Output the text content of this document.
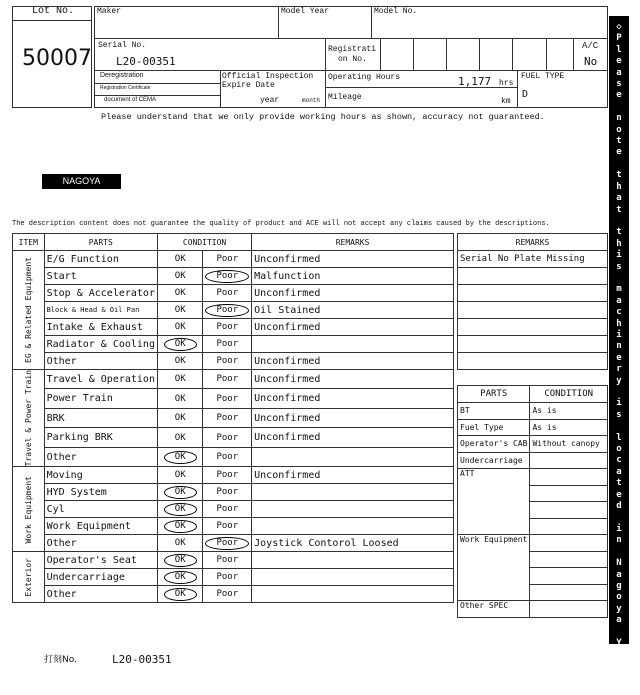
Lot No.
50007
Maker	Model Year	Model No.
Serial No.
L20-00351
Registrati
on No.
A/C
No
Deregistration
Registration Certificate
document of CEMA
Official Inspection
Expire Date
year	month
Operating Hours	1,177 hrs
Mileage	km
FUEL TYPE
D
Please understand that we only provide working hours as shown, accuracy not guaranteed.
NAGOYA
The description content does not guarantee the quality of product and ACE will not accept any claims caused by the descriptions.
ITEM	PARTS	CONDITION		REMARKS

EG & Related Equipment	E/G Function	OK	Poor	Unconfirmed
	Start	OK	Poor	Malfunction
	Stop & Accelerator	OK	Poor	Unconfirmed
	Block & Head & Oil Pan	OK	Poor	Oil Stained
	Intake & Exhaust	OK	Poor	Unconfirmed
	Radiator & Cooling	OK	Poor	
	Other	OK	Poor	Unconfirmed

Travel & Power Train	Travel & Operation	OK	Poor	Unconfirmed
	Power Train	OK	Poor	Unconfirmed
	BRK	OK	Poor	Unconfirmed
	Parking BRK	OK	Poor	Unconfirmed
	Other	OK	Poor	

Work Equipment	Moving	OK	Poor	Unconfirmed
	HYD System	OK	Poor	
	Cyl	OK	Poor	
	Work Equipment	OK	Poor	
	Other	OK	Poor	Joystick Contorol Loosed

Exterior	Operator's Seat	OK	Poor	
	Undercarriage	OK	Poor	
	Other	OK	Poor	
REMARKS
Serial No Plate Missing

PARTS	CONDITION
BT	As is
Fuel Type	As is
Operator's CAB	Without canopy
Undercarriage	
ATT	

Work Equipment	

Other SPEC	
◇
P
l
e
a
s
e

n
o
t
e

t
h
a
t

t
h
i
s

m
a
c
h
i
n
e
r
y

i
s

l
o
c
a
t
e
d

i
n

N
a
g
o
y
a

Y
a
r
d
◇
打刻No.	L20-00351
